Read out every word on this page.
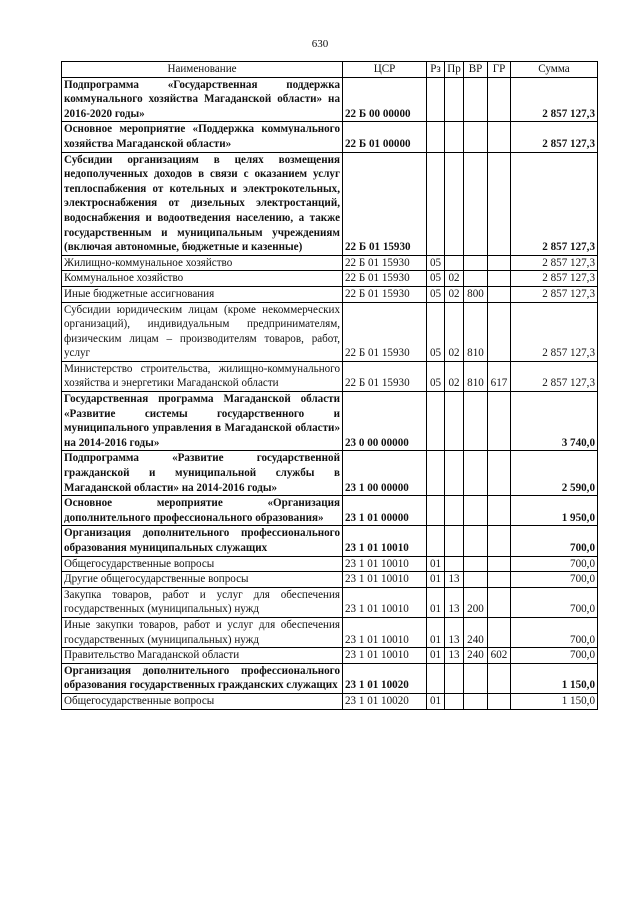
630
Наименование	ЦСР	Рз	Пр	ВР	ГР	Сумма
Подпрограмма «Государственная поддержка коммунального хозяйства Магаданской области» на 2016-2020 годы»	22 Б 00 00000					2 857 127,3
Основное мероприятие «Поддержка коммунального хозяйства Магаданской области»	22 Б 01 00000					2 857 127,3
Субсидии организациям в целях возмещения недополученных доходов в связи с оказанием услуг теплоспабжения от котельных и электрокотельных, электроснабжения от дизельных электростанций, водоснабжения и водоотведения населению, а также государственным и муниципальным учреждениям (включая автономные, бюджетные и казенные)	22 Б 01 15930					2 857 127,3
Жилищно-коммунальное хозяйство	22 Б 01 15930	05				2 857 127,3
Коммунальное хозяйство	22 Б 01 15930	05	02			2 857 127,3
Иные бюджетные ассигнования	22 Б 01 15930	05	02	800		2 857 127,3
Субсидии юридическим лицам (кроме некоммерческих организаций), индивидуальным предпринимателям, физическим лицам – производителям товаров, работ, услуг	22 Б 01 15930	05	02	810		2 857 127,3
Министерство строительства, жилищно-коммунального хозяйства и энергетики Магаданской области	22 Б 01 15930	05	02	810	617	2 857 127,3
Государственная программа Магаданской области «Развитие системы государственного и муниципального управления в Магаданской области» на 2014-2016 годы»	23 0 00 00000					3 740,0
Подпрограмма «Развитие государственной гражданской и муниципальной службы в Магаданской области» на 2014-2016 годы»	23 1 00 00000					2 590,0
Основное мероприятие «Организация дополнительного профессионального образования»	23 1 01 00000					1 950,0
Организация дополнительного профессионального образования муниципальных служащих	23 1 01 10010					700,0
Общегосударственные вопросы	23 1 01 10010	01				700,0
Другие общегосударственные вопросы	23 1 01 10010	01	13			700,0
Закупка товаров, работ и услуг для обеспечения государственных (муниципальных) нужд	23 1 01 10010	01	13	200		700,0
Иные закупки товаров, работ и услуг для обеспечения государственных (муниципальных) нужд	23 1 01 10010	01	13	240		700,0
Правительство Магаданской области	23 1 01 10010	01	13	240	602	700,0
Организация дополнительного профессионального образования государственных гражданских служащих	23 1 01 10020					1 150,0
Общегосударственные вопросы	23 1 01 10020	01				1 150,0
